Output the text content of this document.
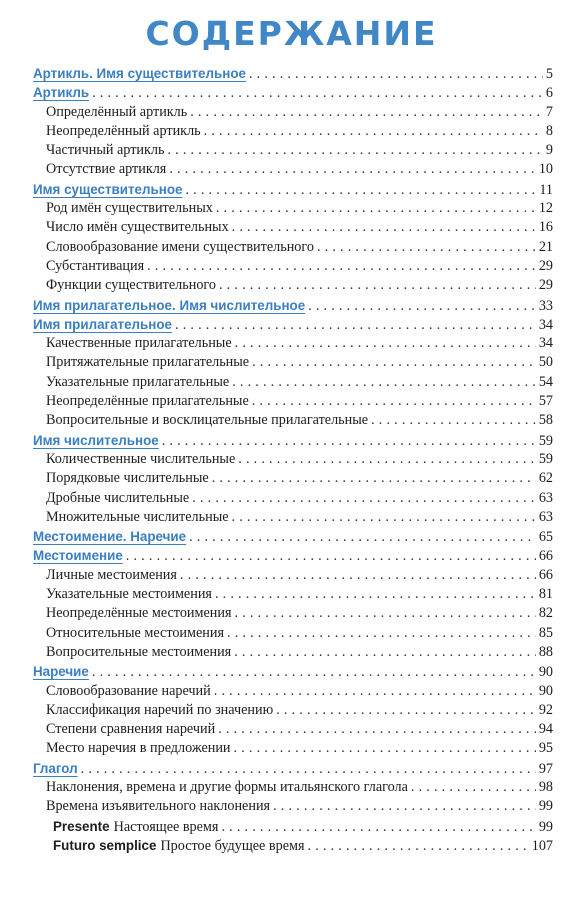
СОДЕРЖАНИЕ
Артикль. Имя существительное . . .	5
Артикль . . .	6
Определённый артикль . . .	7
Неопределённый артикль . . .	8
Частичный артикль . . .	9
Отсутствие артикля . . .	10
Имя существительное . . .	11
Род имён существительных . . .	12
Число имён существительных . . .	16
Словообразование имени существительного . . .	21
Субстантивация . . .	29
Функции существительного . . .	29
Имя прилагательное. Имя числительное . . .	33
Имя прилагательное . . .	34
Качественные прилагательные . . .	34
Притяжательные прилагательные . . .	50
Указательные прилагательные . . .	54
Неопределённые прилагательные . . .	57
Вопросительные и восклицательные прилагательные . . .	58
Имя числительное . . .	59
Количественные числительные . . .	59
Порядковые числительные . . .	62
Дробные числительные . . .	63
Множительные числительные . . .	63
Местоимение. Наречие . . .	65
Местоимение . . .	66
Личные местоимения . . .	66
Указательные местоимения . . .	81
Неопределённые местоимения . . .	82
Относительные местоимения . . .	85
Вопросительные местоимения . . .	88
Наречие . . .	90
Словообразование наречий . . .	90
Классификация наречий по значению . . .	92
Степени сравнения наречий . . .	94
Место наречия в предложении . . .	95
Глагол . . .	97
Наклонения, времена и другие формы итальянского глагола . . .	98
Времена изъявительного наклонения . . .	99
Presente Настоящее время . . .	99
Futuro semplice Простое будущее время . . .	107
